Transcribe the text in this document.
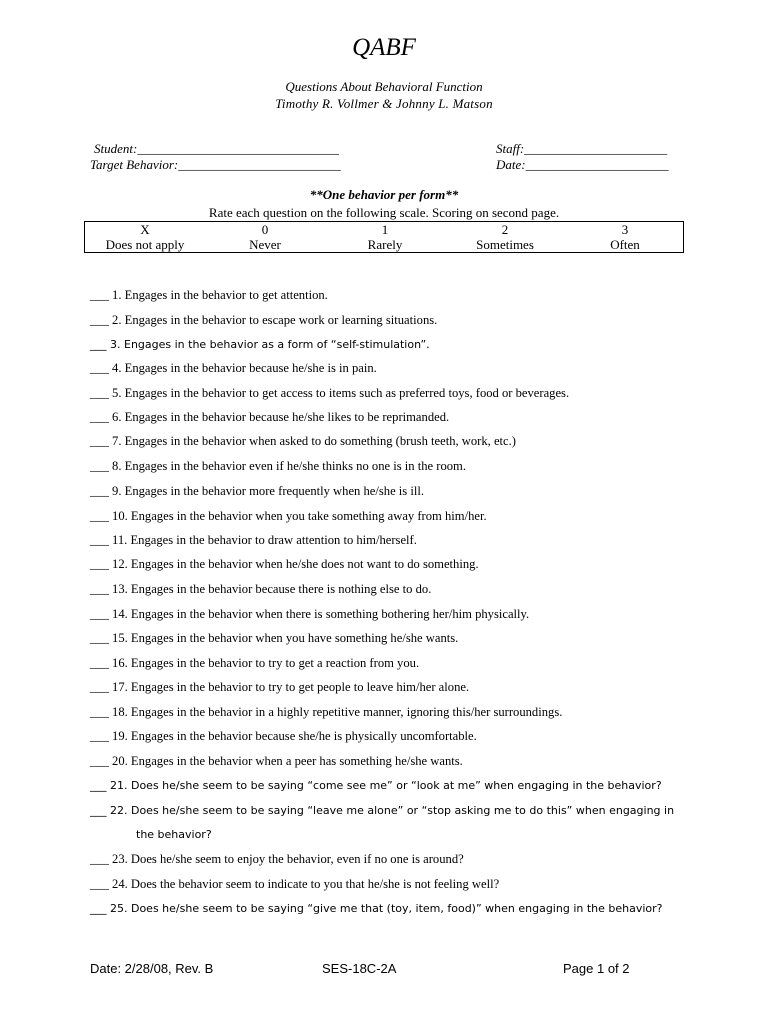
QABF
Questions About Behavioral Function
Timothy R. Vollmer & Johnny L. Matson
Student:_______________________________
Target Behavior:_________________________
Staff:______________________
Date:______________________
**One behavior per form**
Rate each question on the following scale. Scoring on second page.
X
Does not apply
0
Never
1
Rarely
2
Sometimes
3
Often
___ 1. Engages in the behavior to get attention.
___ 2. Engages in the behavior to escape work or learning situations.
___ 3. Engages in the behavior as a form of “self-stimulation”.
___ 4. Engages in the behavior because he/she is in pain.
___ 5. Engages in the behavior to get access to items such as preferred toys, food or beverages.
___ 6. Engages in the behavior because he/she likes to be reprimanded.
___ 7. Engages in the behavior when asked to do something (brush teeth, work, etc.)
___ 8. Engages in the behavior even if he/she thinks no one is in the room.
___ 9. Engages in the behavior more frequently when he/she is ill.
___ 10. Engages in the behavior when you take something away from him/her.
___ 11. Engages in the behavior to draw attention to him/herself.
___ 12. Engages in the behavior when he/she does not want to do something.
___ 13. Engages in the behavior because there is nothing else to do.
___ 14. Engages in the behavior when there is something bothering her/him physically.
___ 15. Engages in the behavior when you have something he/she wants.
___ 16. Engages in the behavior to try to get a reaction from you.
___ 17. Engages in the behavior to try to get people to leave him/her alone.
___ 18. Engages in the behavior in a highly repetitive manner, ignoring this/her surroundings.
___ 19. Engages in the behavior because she/he is physically uncomfortable.
___ 20. Engages in the behavior when a peer has something he/she wants.
___ 21. Does he/she seem to be saying “come see me” or “look at me” when engaging in the behavior?
___ 22. Does he/she seem to be saying “leave me alone” or “stop asking me to do this” when engaging in
the behavior?
___ 23. Does he/she seem to enjoy the behavior, even if no one is around?
___ 24. Does the behavior seem to indicate to you that he/she is not feeling well?
___ 25. Does he/she seem to be saying “give me that (toy, item, food)” when engaging in the behavior?
Date: 2/28/08, Rev. B	SES-18C-2A	Page 1 of 2
